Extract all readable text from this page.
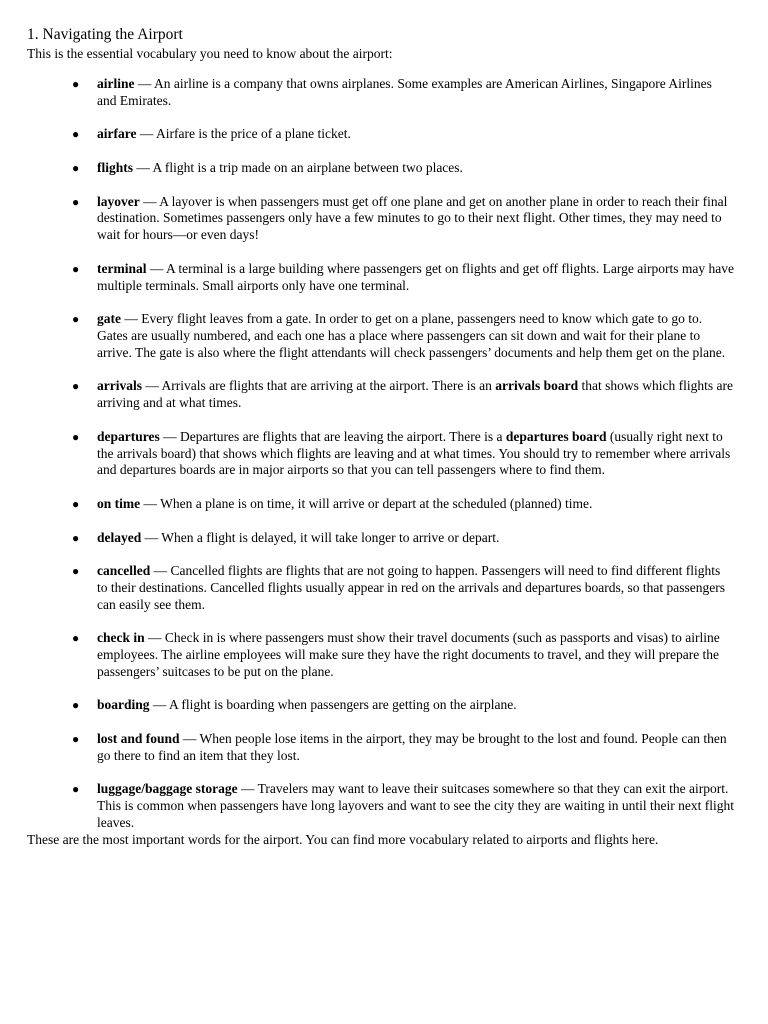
1. Navigating the Airport

This is the essential vocabulary you need to know about the airport:

● airline — An airline is a company that owns airplanes. Some examples are American Airlines, Singapore Airlines and Emirates.
● airfare — Airfare is the price of a plane ticket.
● flights — A flight is a trip made on an airplane between two places.
● layover — A layover is when passengers must get off one plane and get on another plane in order to reach their final destination. Sometimes passengers only have a few minutes to go to their next flight. Other times, they may need to wait for hours—or even days!
● terminal — A terminal is a large building where passengers get on flights and get off flights. Large airports may have multiple terminals. Small airports only have one terminal.
● gate — Every flight leaves from a gate. In order to get on a plane, passengers need to know which gate to go to. Gates are usually numbered, and each one has a place where passengers can sit down and wait for their plane to arrive. The gate is also where the flight attendants will check passengers’ documents and help them get on the plane.
● arrivals — Arrivals are flights that are arriving at the airport. There is an arrivals board that shows which flights are arriving and at what times.
● departures — Departures are flights that are leaving the airport. There is a departures board (usually right next to the arrivals board) that shows which flights are leaving and at what times. You should try to remember where arrivals and departures boards are in major airports so that you can tell passengers where to find them.
● on time — When a plane is on time, it will arrive or depart at the scheduled (planned) time.
● delayed — When a flight is delayed, it will take longer to arrive or depart.
● cancelled — Cancelled flights are flights that are not going to happen. Passengers will need to find different flights to their destinations. Cancelled flights usually appear in red on the arrivals and departures boards, so that passengers can easily see them.
● check in — Check in is where passengers must show their travel documents (such as passports and visas) to airline employees. The airline employees will make sure they have the right documents to travel, and they will prepare the passengers’ suitcases to be put on the plane.
● boarding — A flight is boarding when passengers are getting on the airplane.
● lost and found — When people lose items in the airport, they may be brought to the lost and found. People can then go there to find an item that they lost.
● luggage/baggage storage — Travelers may want to leave their suitcases somewhere so that they can exit the airport. This is common when passengers have long layovers and want to see the city they are waiting in until their next flight leaves.

These are the most important words for the airport. You can find more vocabulary related to airports and flights here.
